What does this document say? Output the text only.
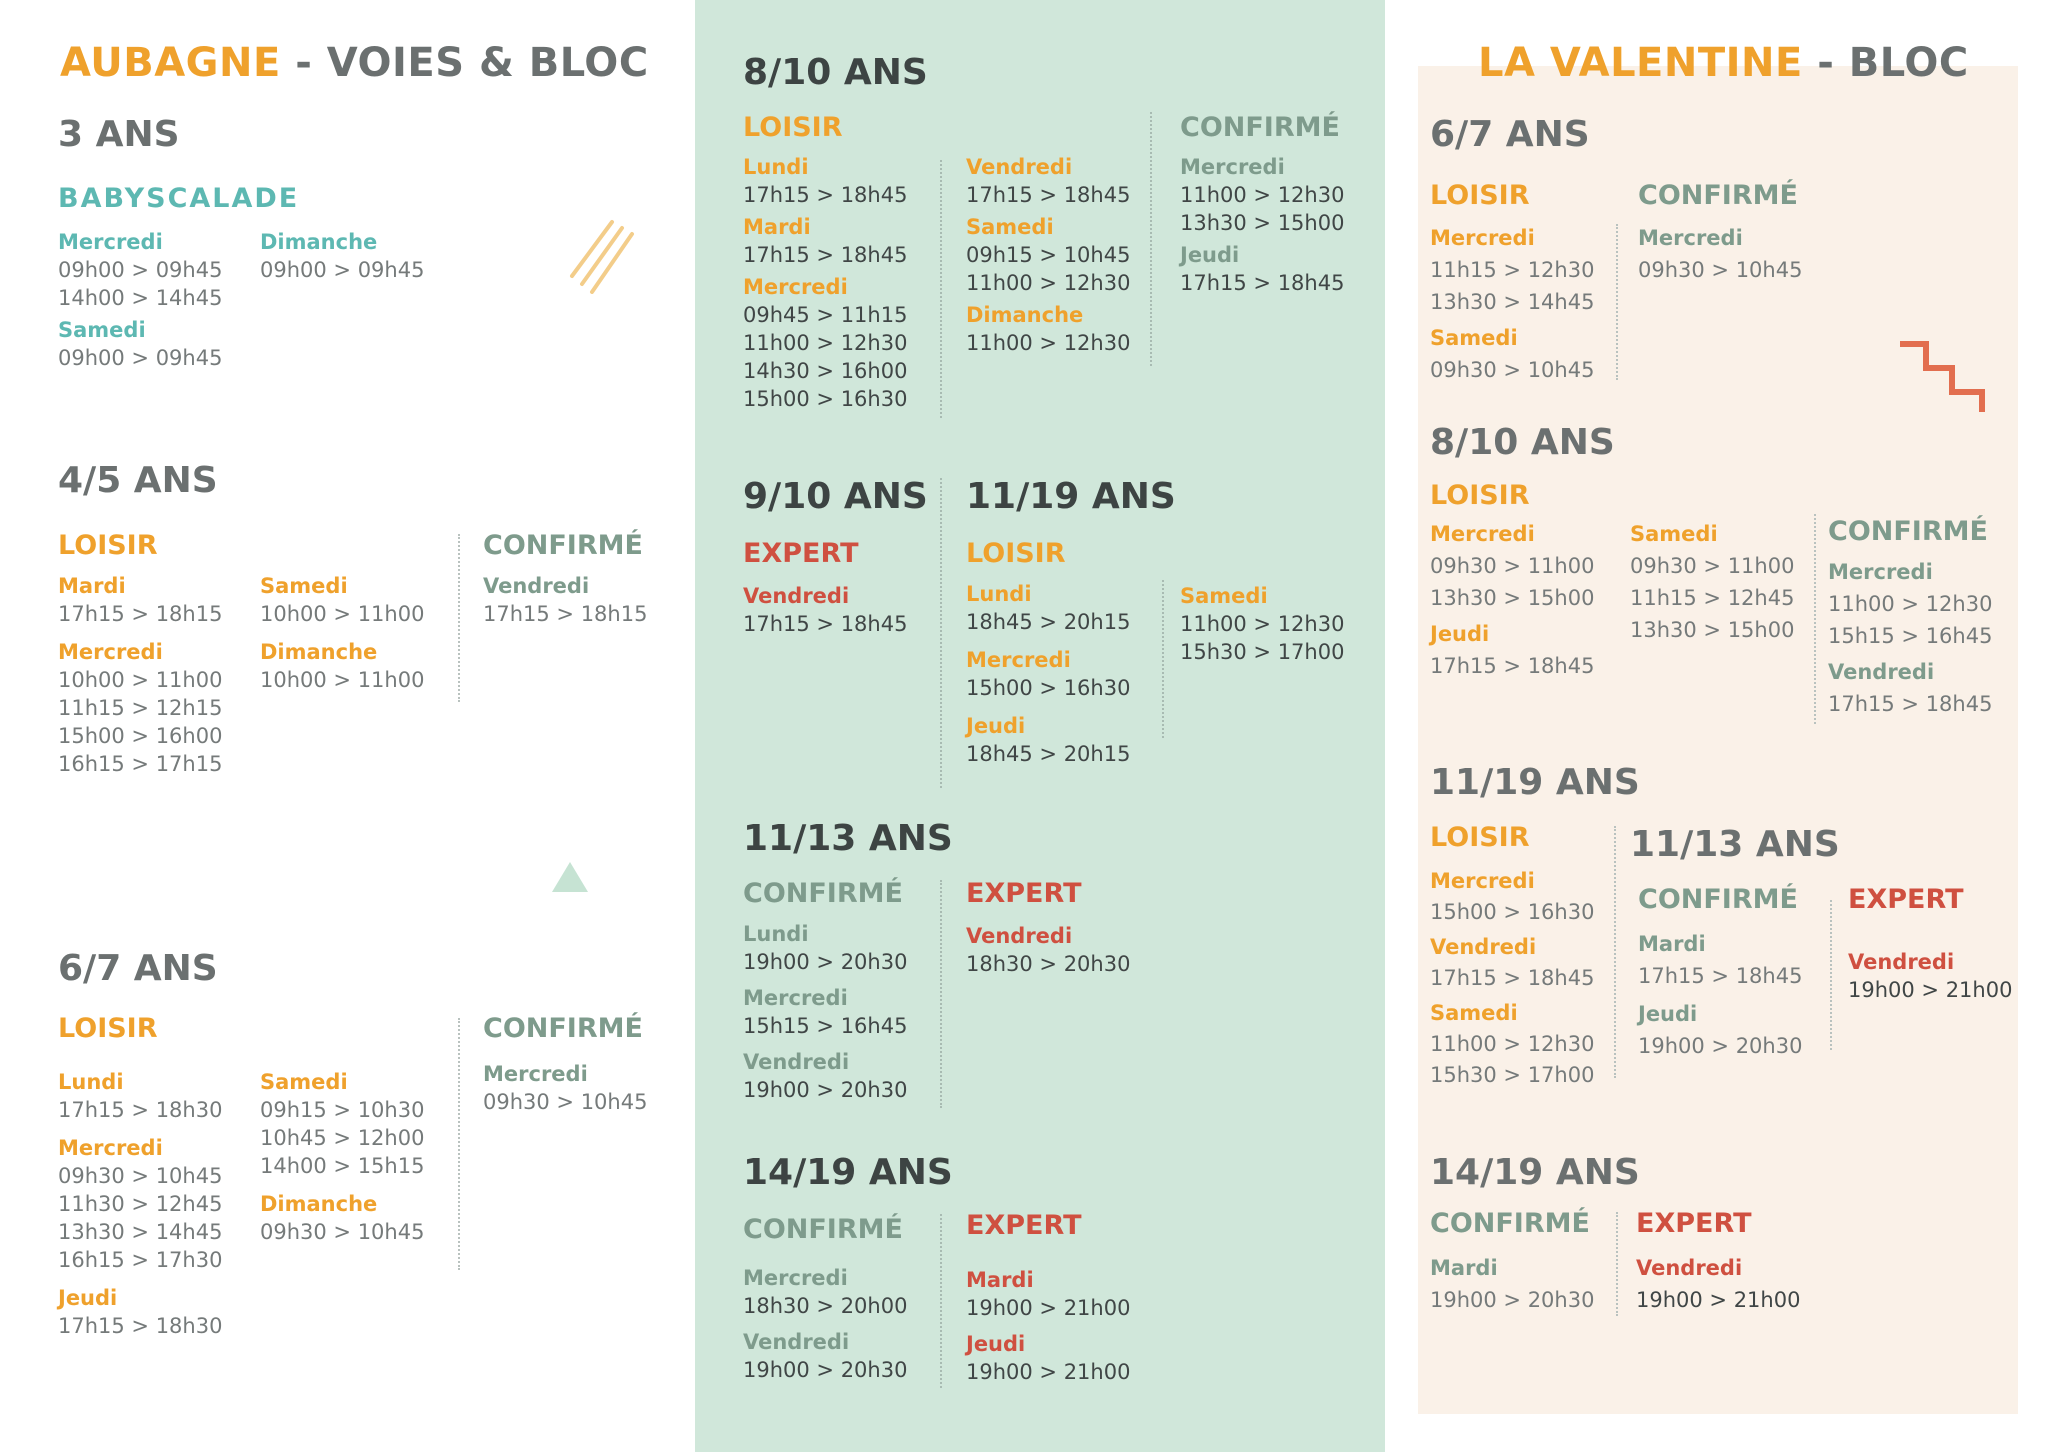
AUBAGNE - VOIES & BLOC
3 ANS
BABYSCALADE
Mercredi
09h00 > 09h45
14h00 > 14h45
Samedi
09h00 > 09h45
Dimanche
09h00 > 09h45
4/5 ANS
LOISIR
Mardi
17h15 > 18h15
Mercredi
10h00 > 11h00
11h15 > 12h15
15h00 > 16h00
16h15 > 17h15
Samedi
10h00 > 11h00
Dimanche
10h00 > 11h00
CONFIRMÉ
Vendredi
17h15 > 18h15
6/7 ANS
LOISIR
Lundi
17h15 > 18h30
Mercredi
09h30 > 10h45
11h30 > 12h45
13h30 > 14h45
16h15 > 17h30
Jeudi
17h15 > 18h30
Samedi
09h15 > 10h30
10h45 > 12h00
14h00 > 15h15
Dimanche
09h30 > 10h45
CONFIRMÉ
Mercredi
09h30 > 10h45
8/10 ANS
LOISIR
Lundi
17h15 > 18h45
Mardi
17h15 > 18h45
Mercredi
09h45 > 11h15
11h00 > 12h30
14h30 > 16h00
15h00 > 16h30
Vendredi
17h15 > 18h45
Samedi
09h15 > 10h45
11h00 > 12h30
Dimanche
11h00 > 12h30
CONFIRMÉ
Mercredi
11h00 > 12h30
13h30 > 15h00
Jeudi
17h15 > 18h45
9/10 ANS
EXPERT
Vendredi
17h15 > 18h45
11/19 ANS
LOISIR
Lundi
18h45 > 20h15
Mercredi
15h00 > 16h30
Jeudi
18h45 > 20h15
Samedi
11h00 > 12h30
15h30 > 17h00
11/13 ANS
CONFIRMÉ
Lundi
19h00 > 20h30
Mercredi
15h15 > 16h45
Vendredi
19h00 > 20h30
EXPERT
Vendredi
18h30 > 20h30
14/19 ANS
CONFIRMÉ
Mercredi
18h30 > 20h00
Vendredi
19h00 > 20h30
EXPERT
Mardi
19h00 > 21h00
Jeudi
19h00 > 21h00
LA VALENTINE - BLOC
6/7 ANS
LOISIR
Mercredi
11h15 > 12h30
13h30 > 14h45
Samedi
09h30 > 10h45
CONFIRMÉ
Mercredi
09h30 > 10h45
8/10 ANS
LOISIR
Mercredi
09h30 > 11h00
13h30 > 15h00
Jeudi
17h15 > 18h45
Samedi
09h30 > 11h00
11h15 > 12h45
13h30 > 15h00
CONFIRMÉ
Mercredi
11h00 > 12h30
15h15 > 16h45
Vendredi
17h15 > 18h45
11/19 ANS
LOISIR
Mercredi
15h00 > 16h30
Vendredi
17h15 > 18h45
Samedi
11h00 > 12h30
15h30 > 17h00
11/13 ANS
CONFIRMÉ
Mardi
17h15 > 18h45
Jeudi
19h00 > 20h30
EXPERT
Vendredi
19h00 > 21h00
14/19 ANS
CONFIRMÉ
Mardi
19h00 > 20h30
EXPERT
Vendredi
19h00 > 21h00
